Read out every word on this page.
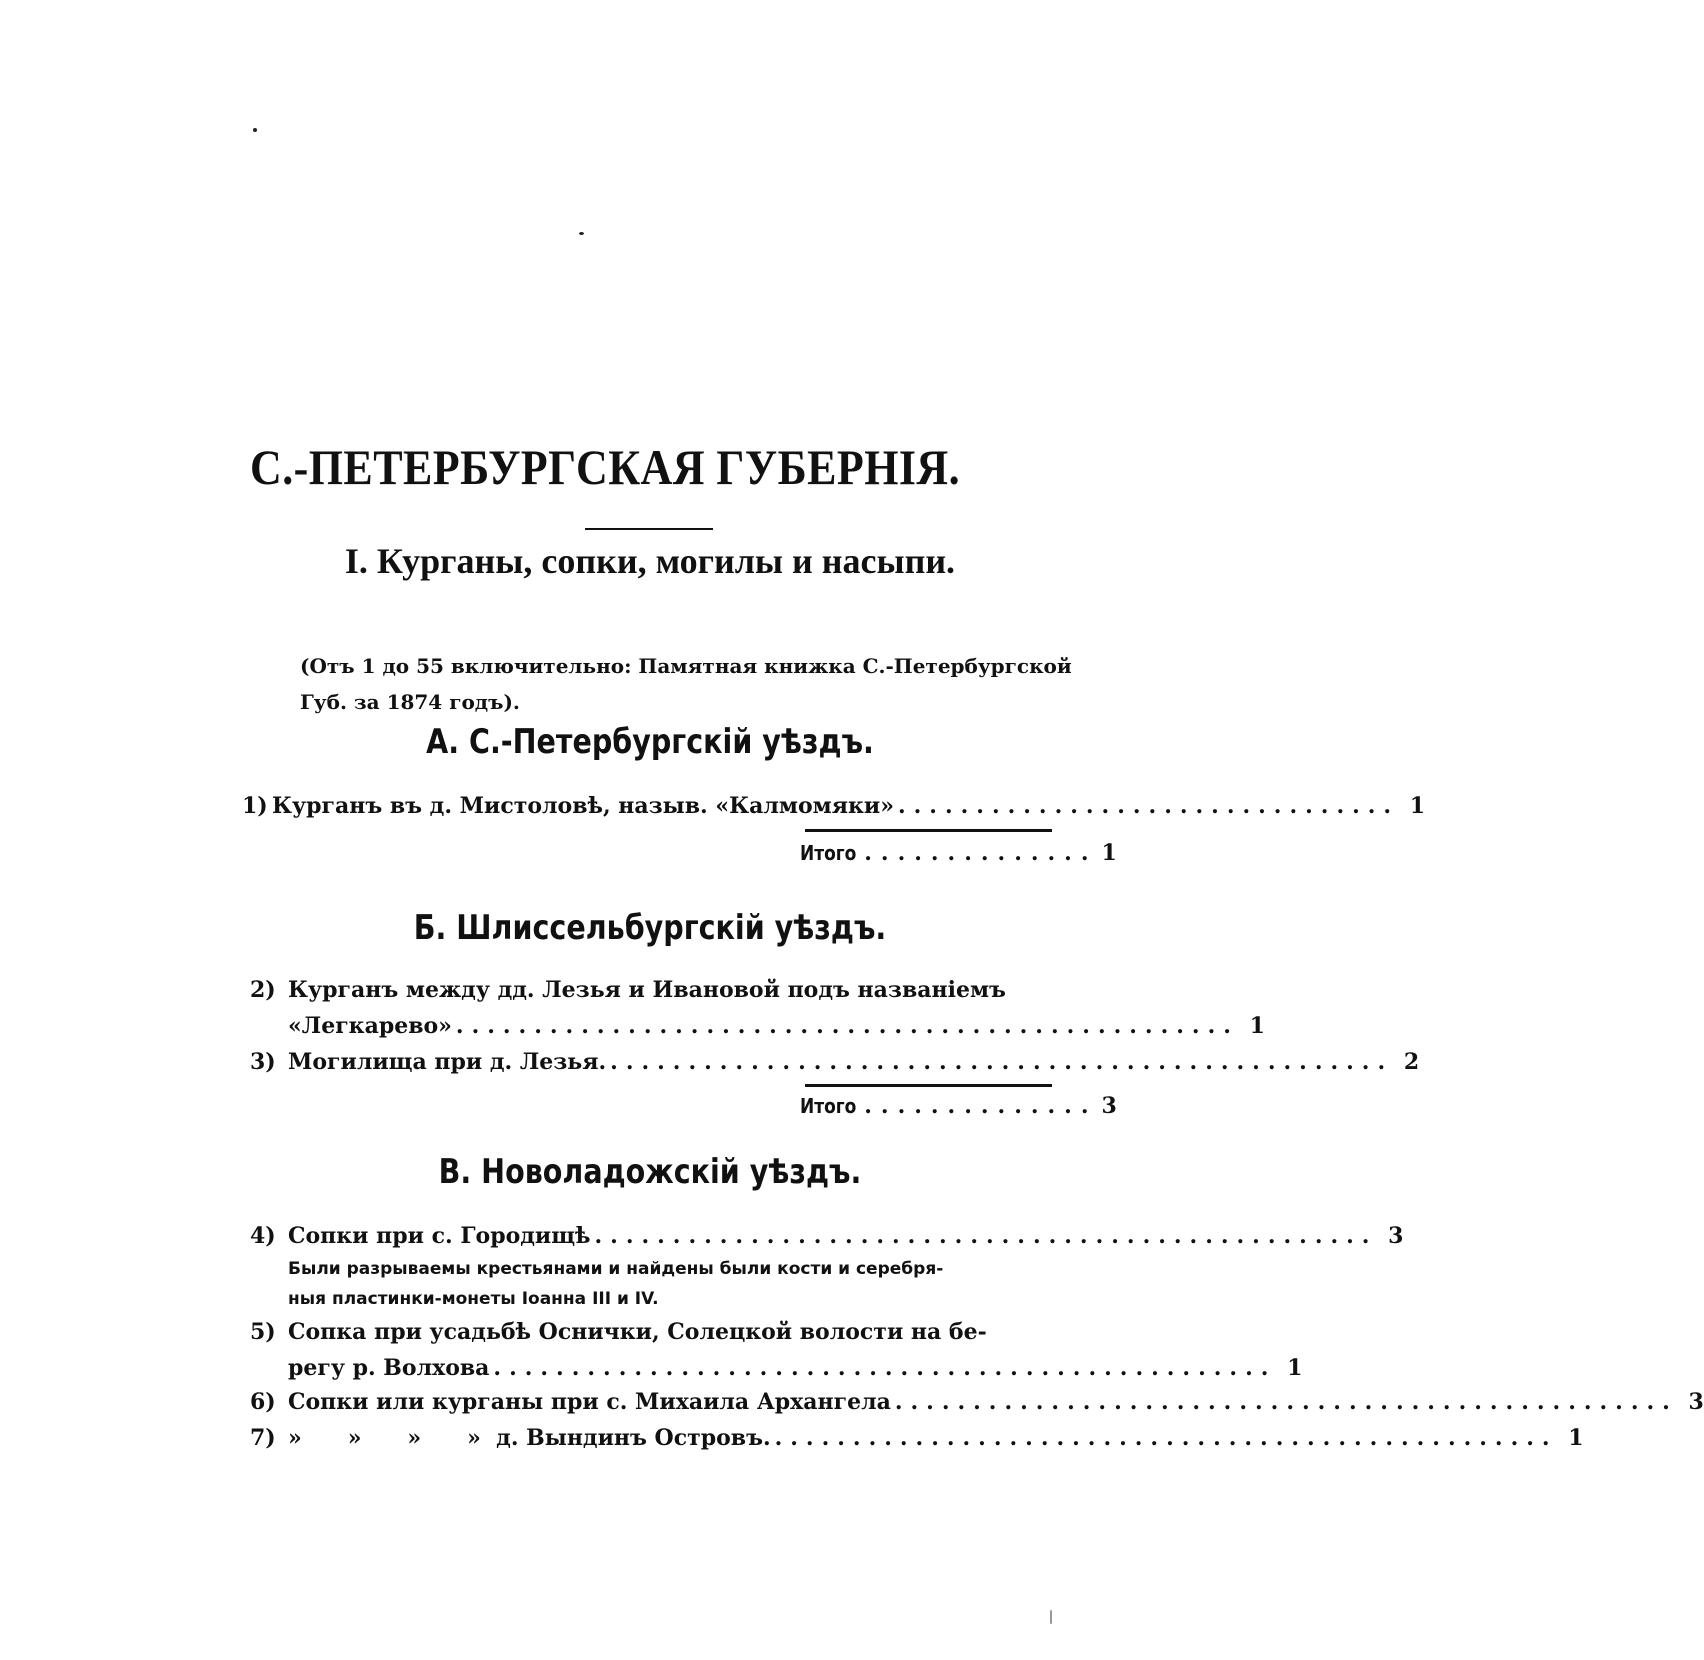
С.-ПЕТЕРБУРГСКАЯ ГУБЕРНІЯ.
I. Курганы, сопки, могилы и насыпи.
(Отъ 1 до 55 включительно: Памятная книжка С.-Петербургской
Губ. за 1874 годъ).
А. С.-Петербургскій уѣздъ.
1) Курганъ въ д. Мистоловѣ, назыв. «Калмомяки» ................................ 1
Итого .............. 1
Б. Шлиссельбургскій уѣздъ.
2) Курганъ между дд. Лезья и Ивановой подъ названіемъ
«Легкарево» .................................................. 1
3) Могилища при д. Лезья. .................................................. 2
Итого .............. 3
В. Новоладожскій уѣздъ.
4) Сопки при с. Городищѣ .................................................. 3
Были разрываемы крестьянами и найдены были кости и серебря-
ныя пластинки-монеты Іоанна III и IV.
5) Сопка при усадьбѣ Оснички, Солецкой волости на бе-
регу р. Волхова .................................................. 1
6) Сопки или курганы при с. Михаила Архангела .................................................. 3
7) »      »      »      »  д. Вындинъ Островъ. .................................................. 1
